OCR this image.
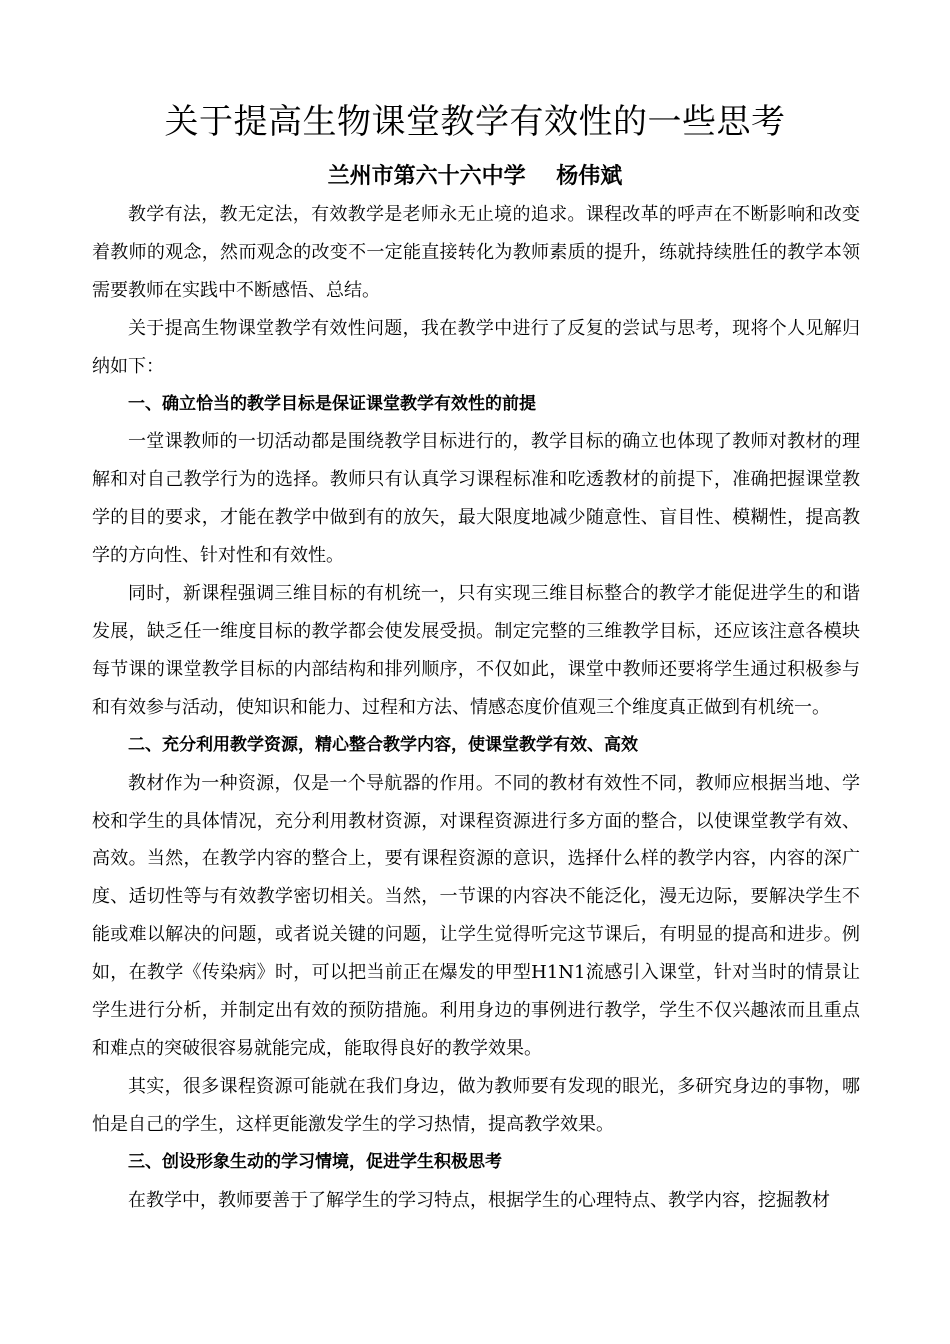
关于提高生物课堂教学有效性的一些思考
兰州市第六十六中学    杨伟斌

教学有法，教无定法，有效教学是老师永无止境的追求。课程改革的呼声在不断影响和改变着教师的观念，然而观念的改变不一定能直接转化为教师素质的提升，练就持续胜任的教学本领需要教师在实践中不断感悟、总结。

关于提高生物课堂教学有效性问题，我在教学中进行了反复的尝试与思考，现将个人见解归纳如下：

一、确立恰当的教学目标是保证课堂教学有效性的前提

一堂课教师的一切活动都是围绕教学目标进行的，教学目标的确立也体现了教师对教材的理解和对自己教学行为的选择。教师只有认真学习课程标准和吃透教材的前提下，准确把握课堂教学的目的要求，才能在教学中做到有的放矢，最大限度地减少随意性、盲目性、模糊性，提高教学的方向性、针对性和有效性。

同时，新课程强调三维目标的有机统一，只有实现三维目标整合的教学才能促进学生的和谐发展，缺乏任一维度目标的教学都会使发展受损。制定完整的三维教学目标，还应该注意各模块每节课的课堂教学目标的内部结构和排列顺序，不仅如此，课堂中教师还要将学生通过积极参与和有效参与活动，使知识和能力、过程和方法、情感态度价值观三个维度真正做到有机统一。

二、充分利用教学资源，精心整合教学内容，使课堂教学有效、高效

教材作为一种资源，仅是一个导航器的作用。不同的教材有效性不同，教师应根据当地、学校和学生的具体情况，充分利用教材资源，对课程资源进行多方面的整合，以使课堂教学有效、高效。当然，在教学内容的整合上，要有课程资源的意识，选择什么样的教学内容，内容的深广度、适切性等与有效教学密切相关。当然，一节课的内容决不能泛化，漫无边际，要解决学生不能或难以解决的问题，或者说关键的问题，让学生觉得听完这节课后，有明显的提高和进步。例如，在教学《传染病》时，可以把当前正在爆发的甲型H1N1流感引入课堂，针对当时的情景让学生进行分析，并制定出有效的预防措施。利用身边的事例进行教学，学生不仅兴趣浓而且重点和难点的突破很容易就能完成，能取得良好的教学效果。

其实，很多课程资源可能就在我们身边，做为教师要有发现的眼光，多研究身边的事物，哪怕是自己的学生，这样更能激发学生的学习热情，提高教学效果。

三、创设形象生动的学习情境，促进学生积极思考

在教学中，教师要善于了解学生的学习特点，根据学生的心理特点、教学内容，挖掘教材
